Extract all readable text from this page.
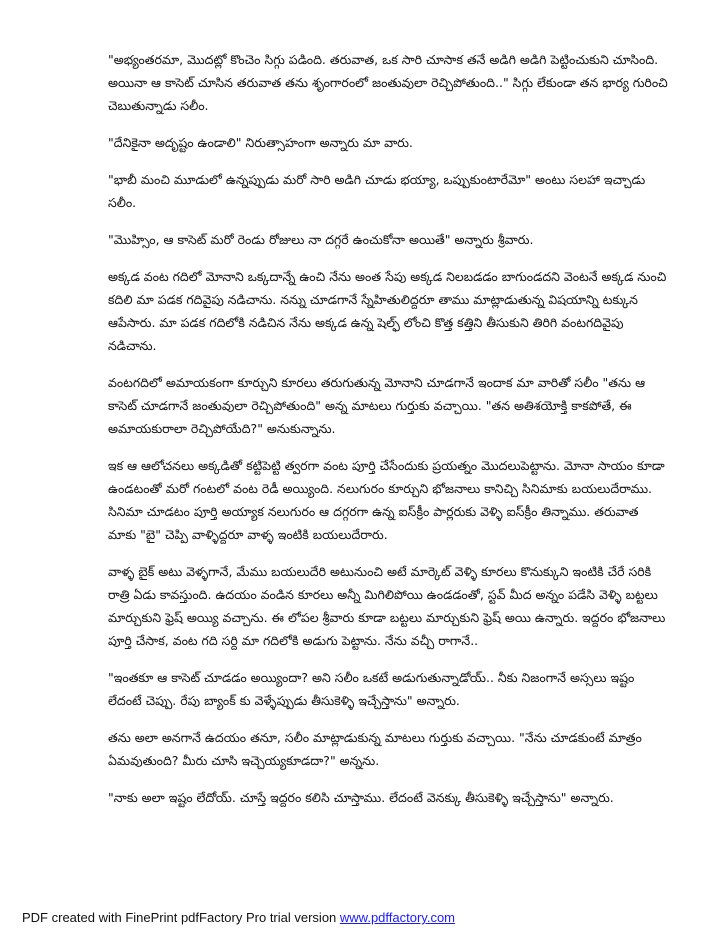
"అభ్యంతరమా, మొదట్లో కొంచెం సిగ్గు పడింది. తరువాత, ఒక సారి చూసాక తనే అడిగి అడిగి పెట్టించుకుని చూసింది. అయినా ఆ కాసెట్ చూసిన తరువాత తను శృంగారంలో జంతువులా రెచ్చిపోతుంది.." సిగ్గు లేకుండా తన భార్య గురించి చెబుతున్నాడు సలీం.

"దేనికైనా అదృష్టం ఉండాలి" నిరుత్సాహంగా అన్నారు మా వారు.

"భాబీ మంచి మూడులో ఉన్నప్పుడు మరో సారి అడిగి చూడు భయ్యా, ఒప్పుకుంటారేమో" అంటు సలహా ఇచ్చాడు సలీం.

"మొహ్సిం, ఆ కాసెట్ మరో రెండు రోజులు నా దగ్గరే ఉంచుకోనా అయితే" అన్నారు శ్రీవారు.

అక్కడ వంట గదిలో మోనాని ఒక్కదాన్నే ఉంచి నేను అంత సేపు అక్కడ నిలబడడం బాగుండదని వెంటనే అక్కడ నుంచి కదిలి మా పడక గదివైపు నడిచాను. నన్ను చూడగానే స్నేహితులిద్దరూ తాము మాట్లాడుతున్న విషయాన్ని టక్కున ఆపేసారు. మా పడక గదిలోకి నడిచిన నేను అక్కడ ఉన్న షెల్ఫ్ లోంచి కొత్త కత్తిని తీసుకుని తిరిగి వంటగదివైపు నడిచాను.

వంటగదిలో అమాయకంగా కూర్చుని కూరలు తరుగుతున్న మోనాని చూడగానే ఇందాక మా వారితో సలీం "తను ఆ కాసెట్ చూడగానే జంతువులా రెచ్చిపోతుంది" అన్న మాటలు గుర్తుకు వచ్చాయి. "తన అతిశయోక్తి కాకపోతే, ఈ అమాయకురాలా రెచ్చిపోయేది?" అనుకున్నాను.

ఇక ఆ ఆలోచనలు అక్కడితో కట్టిపెట్టి త్వరగా వంట పూర్తి చేసేందుకు ప్రయత్నం మొదలుపెట్టాను. మోనా సాయం కూడా ఉండటంతో మరో గంటలో వంట రెడీ అయ్యింది. నలుగురం కూర్చుని భోజనాలు కానిచ్చి సినిమాకు బయలుదేరాము. సినిమా చూడటం పూర్తి అయ్యాక నలుగురం ఆ దగ్గరగా ఉన్న ఐస్‌క్రీం పార్లరుకు వెళ్ళి ఐస్‌క్రీం తిన్నాము. తరువాత మాకు "బై" చెప్పి వాళ్ళిద్దరూ వాళ్ళ ఇంటికి బయలుదేరారు.

వాళ్ళ బైక్ అటు వెళ్ళగానే, మేము బయలుదేరి అటునుంచి అటే మార్కెట్ వెళ్ళి కూరలు కొనుక్కుని ఇంటికి చేరే సరికి రాత్రి ఏడు కావస్తుంది. ఉదయం వండిన కూరలు అన్నీ మిగిలిపోయి ఉండడంతో, స్టవ్ మీద అన్నం పడేసి వెళ్ళి బట్టలు మార్చుకుని ఫ్రెష్ అయ్యి వచ్చాను. ఈ లోపల శ్రీవారు కూడా బట్టలు మార్చుకుని ఫ్రెష్ అయి ఉన్నారు. ఇద్దరం భోజనాలు పూర్తి చేసాక, వంట గది సర్ది మా గదిలోకి అడుగు పెట్టాను. నేను వచ్చీ రాగానే..

"ఇంతకూ ఆ కాసెట్ చూడడం అయ్యిందా? అని సలీం ఒకటే అడుగుతున్నాడోయ్.. నీకు నిజంగానే అస్సలు ఇష్టం లేదంటే చెప్పు. రేపు బ్యాంక్ కు వెళ్ళేప్పుడు తీసుకెళ్ళి ఇచ్చేస్తాను" అన్నారు.

తను అలా అనగానే ఉదయం తనూ, సలీం మాట్లాడుకున్న మాటలు గుర్తుకు వచ్చాయి. "నేను చూడకుంటే మాత్రం ఏమవుతుంది? మీరు చూసి ఇచ్చెయ్యకూడదా?" అన్నను.

"నాకు అలా ఇష్టం లేదోయ్. చూస్తే ఇద్దరం కలిసి చూస్తాము. లేదంటే వెనక్కు తీసుకెళ్ళి ఇచ్చేస్తాను" అన్నారు.

PDF created with FinePrint pdfFactory Pro trial version www.pdffactory.com
